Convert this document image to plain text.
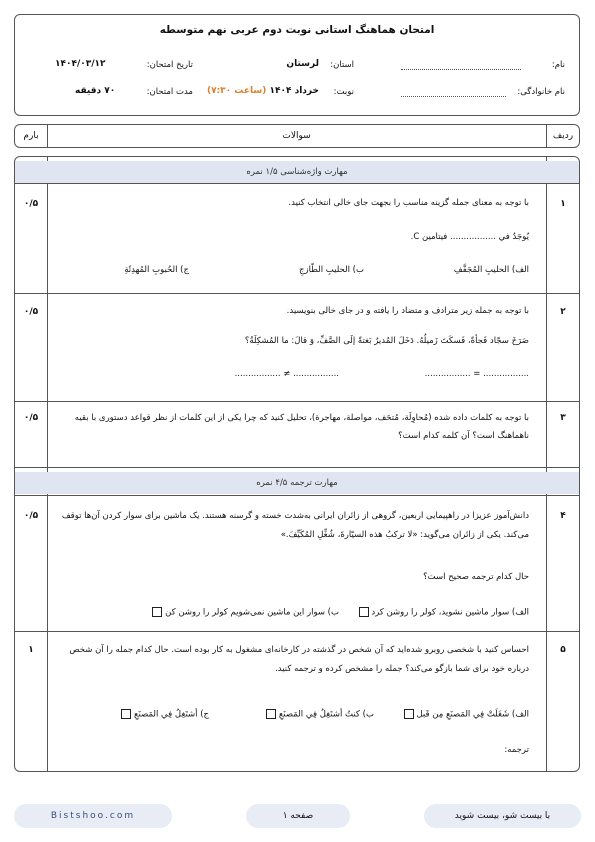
امتحان هماهنگ استانی نوبت دوم عربی نهم متوسطه
نام:
نام خانوادگی:
استان:
لرستان
نوبت:
خرداد ۱۴۰۴ (ساعت ۷:۳۰)
تاریخ امتحان:
۱۴۰۴/۰۳/۱۲
مدت امتحان:
۷۰ دقیقه
ردیف
سوالات
بارم
مهارت واژه‌شناسی ۱/۵ نمره
۱
۰/۵	با توجه به معنای جمله گزینه مناسب را بجهت جای خالی انتخاب کنید.
يُوجَدُ في ................. فيتامين C.
الف) الحليبِ المُجَفَّفِ
ب) الحليبِ الطّازجِ
ج) الحُبوبِ المُهدِئَةِ
۲
۰/۵	با توجه به جمله زیر مترادف و متضاد را یافته و در جای خالی بنویسید.
صَرَخَ سجّاد فَجأةً، فَسكَتَ زَميلُهُ. دَخَلَ المُديرُ بَغتةً إلَى الصَّفِّ، وَ قالَ: ما المُشكِلَةُ؟
................. = .................
................. ≠ .................
۳
۰/۵	با توجه به کلمات داده شده (مُحاوِلَة، مُتحَف، مواصلة، مهاجرة)، تحلیل کنید که چرا یکی از این کلمات از نظر قواعد دستوری با بقیه ناهماهنگ است؟ آن کلمه کدام است؟
مهارت ترجمه ۴/۵ نمره
۴
۰/۵	دانش‌آموز عزیزا در راهپیمایی اربعین، گروهی از زائران ایرانی به‌شدت خسته و گرسنه هستند. یک ماشین برای سوار کردن آن‌ها توقف می‌کند. یکی از زائران می‌گوید: «لا تركبُ هذه السيّارةَ، شُغِّلِ المُكَيِّفَ.»
حال کدام ترجمه صحیح است؟
الف) سوار ماشین نشوید، کولر را روشن کرد
ب) سوار این ماشین نمی‌شویم کولر را روشن کن
۵
۱	احساس کنید با شخصی روبرو شده‌اید که آن شخص در گذشته در کارخانه‌ای مشغول به کار بوده است. حال کدام جمله را آن شخص درباره خود برای شما بازگو می‌کند؟ جمله را مشخص کرده و ترجمه کنید.
الف) شَغَلَتْ فِي المَصنَعِ مِن قَبل
ب) كنتُ أشتَغِلُ فِي المَصنَعِ
ج) أشتَغِلُ فِي المَصنَعِ
ترجمه:
Bistshoo.com	صفحه ۱	با بیست شو، بیست شوید
